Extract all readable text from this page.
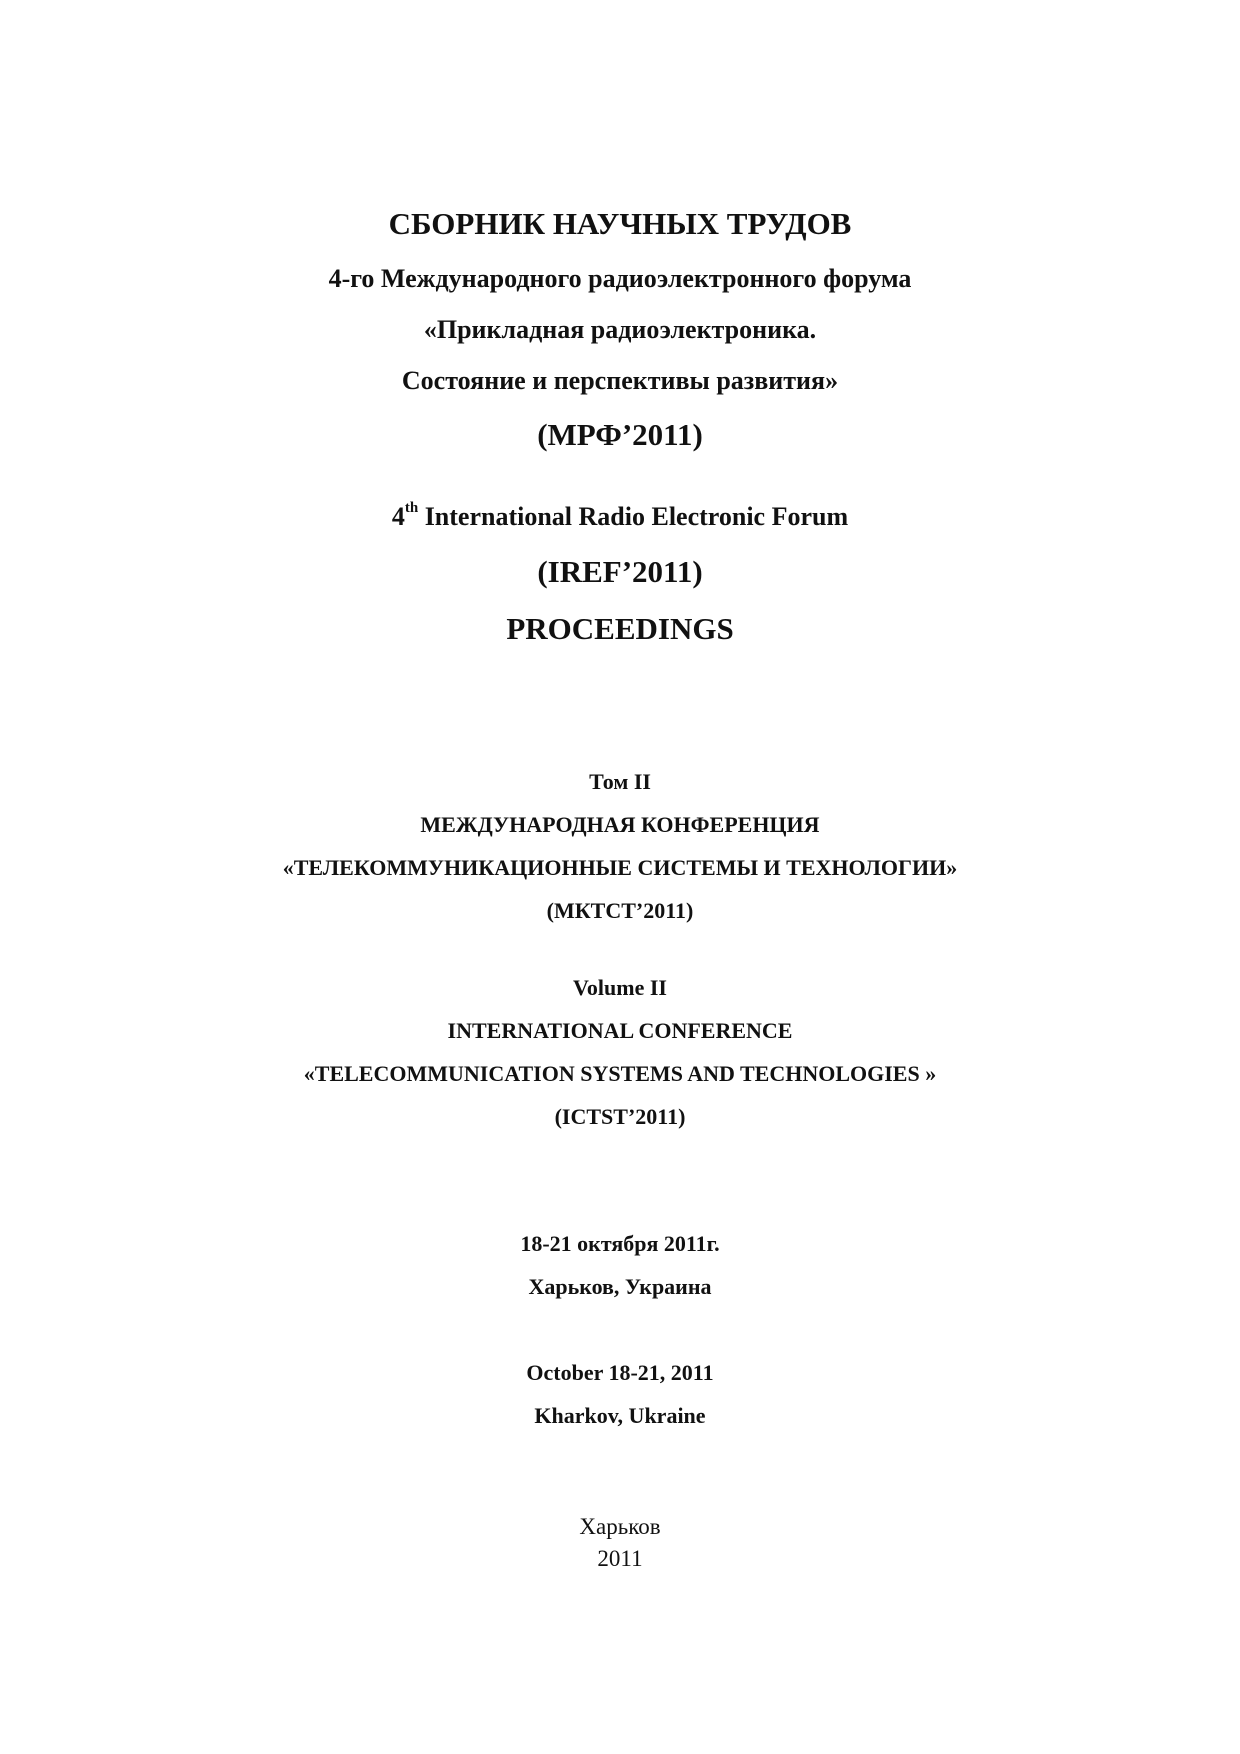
СБОРНИК НАУЧНЫХ ТРУДОВ
4-го Международного радиоэлектронного форума
«Прикладная радиоэлектроника.
Состояние и перспективы развития»
(МРФ’2011)
4th International Radio Electronic Forum
(IREF’2011)
PROCEEDINGS
Том II
МЕЖДУНАРОДНАЯ КОНФЕРЕНЦИЯ
«ТЕЛЕКОММУНИКАЦИОННЫЕ СИСТЕМЫ И ТЕХНОЛОГИИ»
(МКТСТ’2011)
Volume II
INTERNATIONAL CONFERENCE
«TELECOMMUNICATION SYSTEMS AND TECHNOLOGIES »
(ICTST’2011)
18-21 октября 2011г.
Харьков, Украина
October 18-21, 2011
Kharkov, Ukraine
Харьков
2011
